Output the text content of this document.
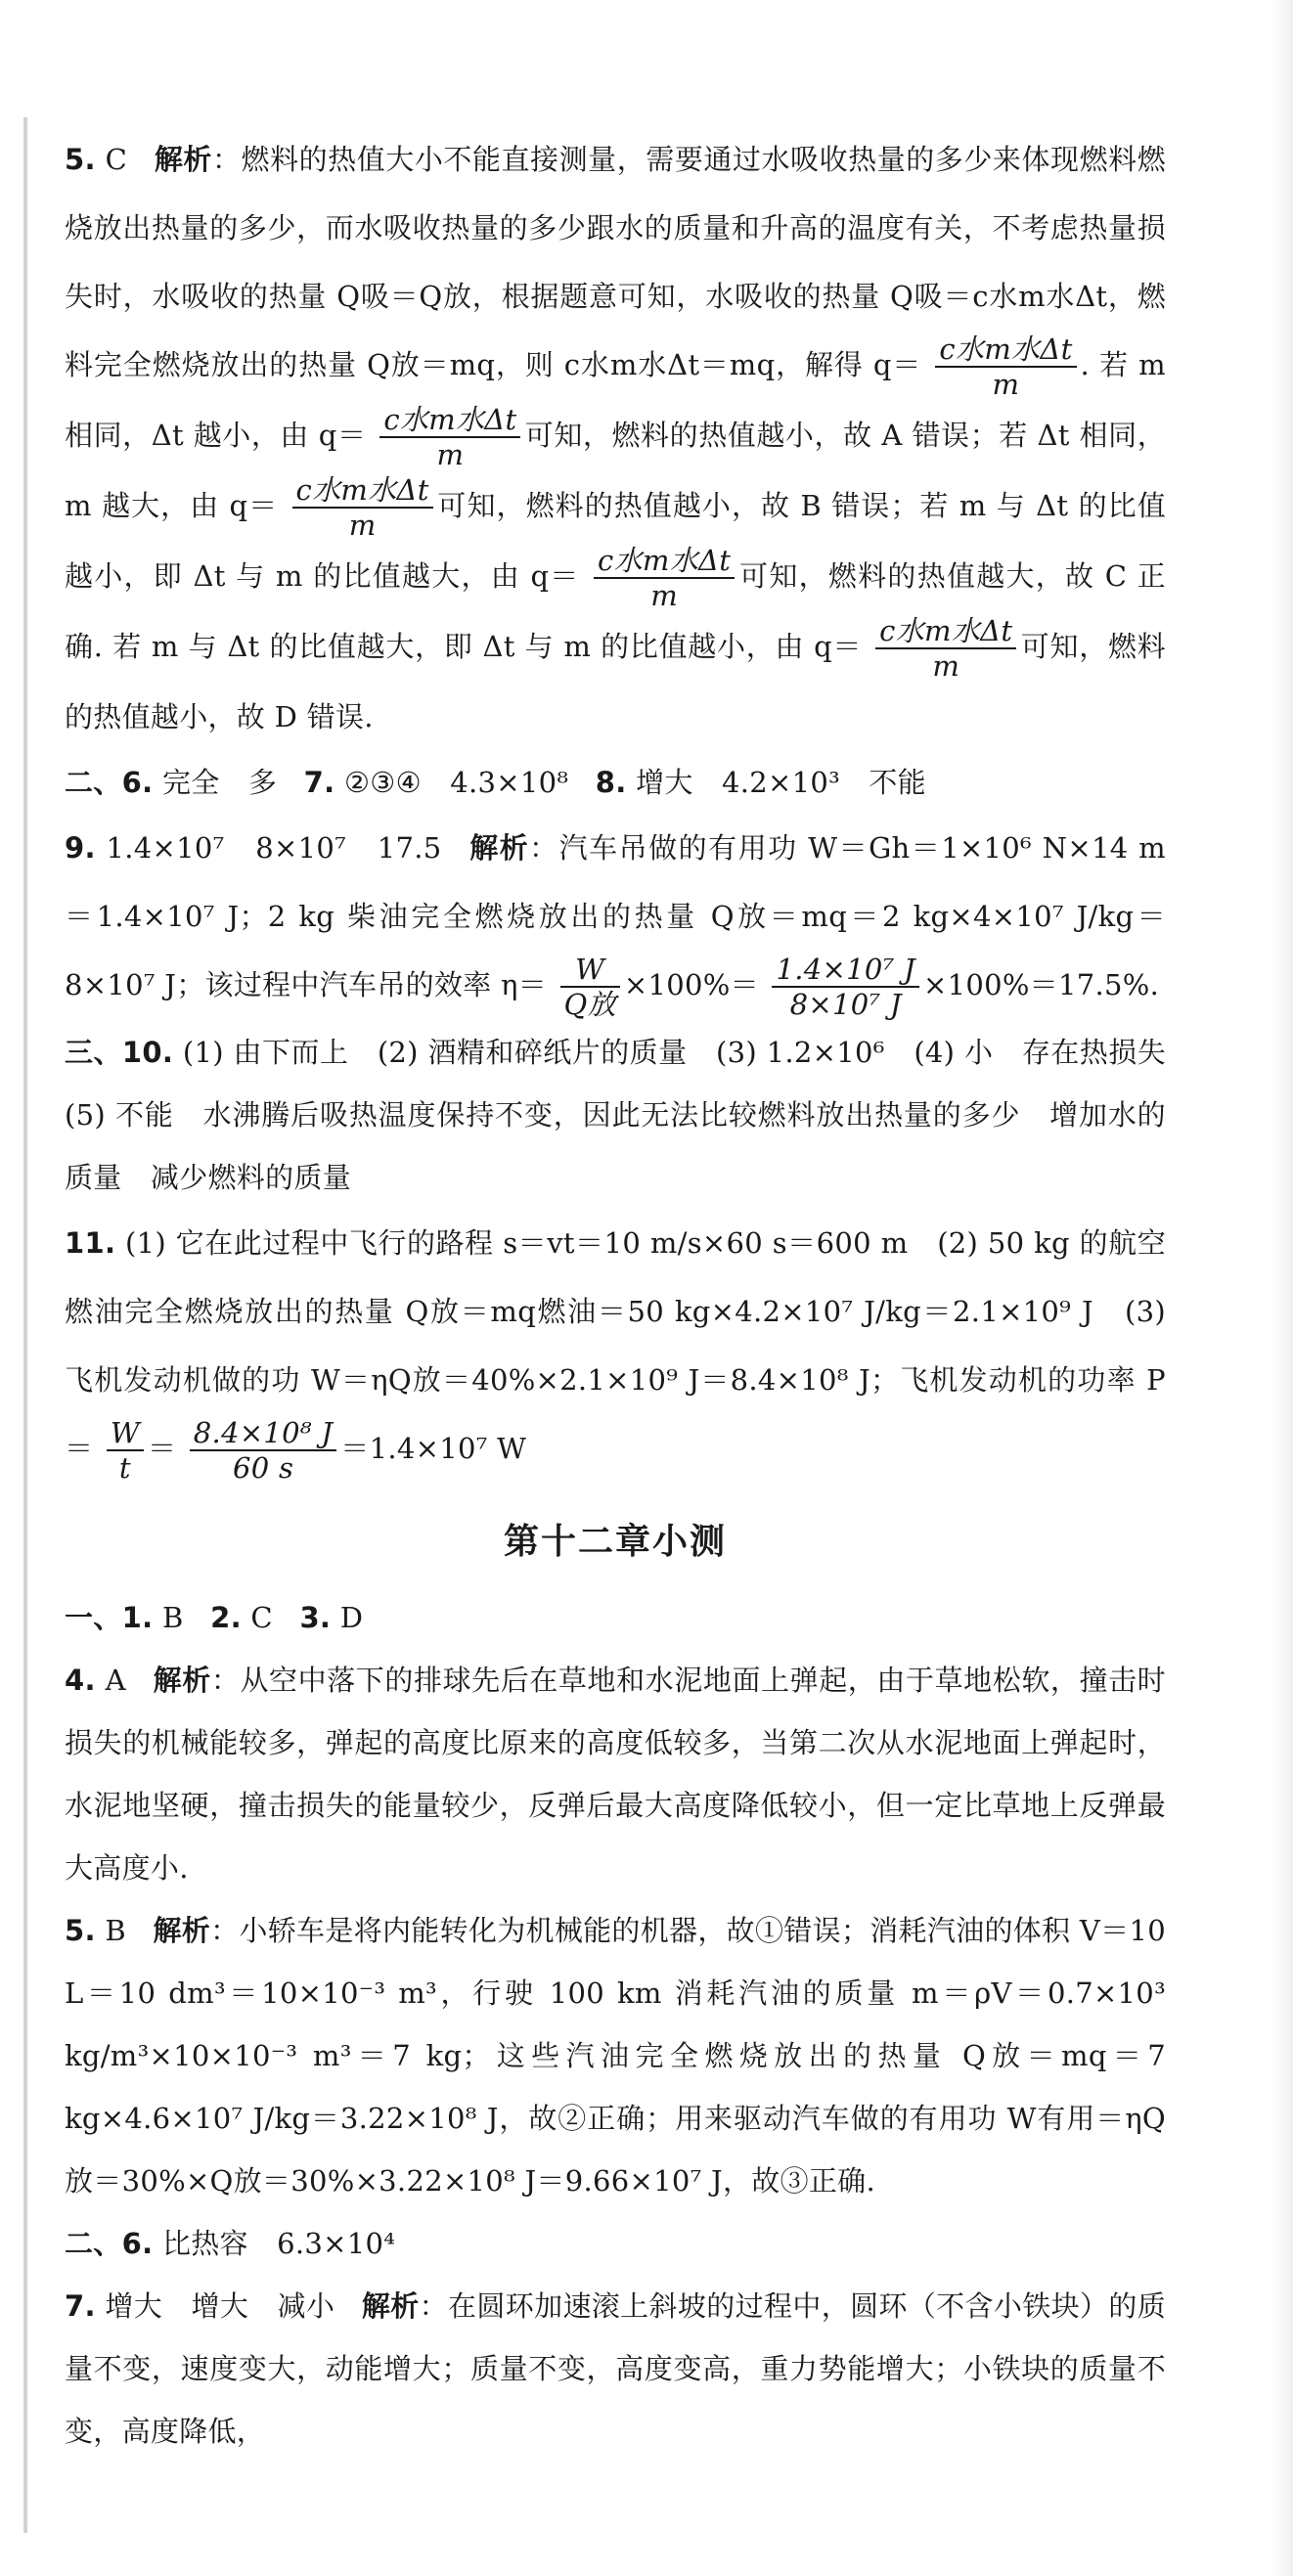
5. C 解析：燃料的热值大小不能直接测量，需要通过水吸收热量的多少来体现燃料燃烧放出热量的多少，而水吸收热量的多少跟水的质量和升高的温度有关，不考虑热量损失时，水吸收的热量 Q吸＝Q放，根据题意可知，水吸收的热量 Q吸＝c水m水Δt，燃料完全燃烧放出的热量 Q放＝mq，则 c水m水Δt＝mq，解得 $q= \frac{\text{c水m水Δt}}{m}$ . 若 m 相同，Δt 越小，由 $q= \frac{\text{c水m水Δt}}{m}$ 可知，燃料的热值越小，故 A 错误；若 Δt 相同，m 越大，由 $q= \frac{\text{c水m水Δt}}{m}$ 可知，燃料的热值越小，故 B 错误；若 m 与 Δt 的比值越小，即 Δt 与 m 的比值越大，由 $q= \frac{\text{c水m水Δt}}{m}$ 可知，燃料的热值越大，故 C 正确. 若 m 与 Δt 的比值越大，即 Δt 与 m 的比值越小，由 $q= \frac{\text{c水m水Δt}}{m}$ 可知，燃料的热值越小，故 D 错误.

二、6. 完全　多 7. ②③④　4.3×10⁸ 8. 增大　4.2×10³　不能

9. 1.4×10⁷　8×10⁷　17.5 解析：汽车吊做的有用功 W＝Gh＝1×10⁶ N×14 m＝1.4×10⁷ J；2 kg 柴油完全燃烧放出的热量 Q放＝mq＝2 kg×4×10⁷ J/kg＝8×10⁷ J；该过程中汽车吊的效率 $\eta= \frac{W}{\text{Q放}} \times 100\%= \frac{\text{1.4×10⁷ J}}{\text{8×10⁷ J}} \times 100\%=17.5\%$.

三、10. (1) 由下而上　(2) 酒精和碎纸片的质量　(3) 1.2×10⁶　(4) 小　存在热损失　(5) 不能　水沸腾后吸热温度保持不变，因此无法比较燃料放出热量的多少　增加水的质量　减少燃料的质量

11. (1) 它在此过程中飞行的路程 s＝vt＝10 m/s×60 s＝600 m　(2) 50 kg 的航空燃油完全燃烧放出的热量 Q放＝mq燃油＝50 kg×4.2×10⁷ J/kg＝2.1×10⁹ J　(3) 飞机发动机做的功 W＝ηQ放＝40%×2.1×10⁹ J＝8.4×10⁸ J；飞机发动机的功率 $P= \frac{W}{t} = \frac{\text{8.4×10⁸ J}}{60 s} =1.4\times 10^7$ W

第十二章小测

一、1. B 2. C 3. D

4. A 解析：从空中落下的排球先后在草地和水泥地面上弹起，由于草地松软，撞击时损失的机械能较多，弹起的高度比原来的高度低较多，当第二次从水泥地面上弹起时，水泥地坚硬，撞击损失的能量较少，反弹后最大高度降低较小，但一定比草地上反弹最大高度小.

5. B 解析：小轿车是将内能转化为机械能的机器，故①错误；消耗汽油的体积 V＝10 L＝10 dm³＝10×10⁻³ m³，行驶 100 km 消耗汽油的质量 m＝ρV＝0.7×10³ kg/m³×10×10⁻³ m³＝7 kg；这些汽油完全燃烧放出的热量 Q放＝mq＝7 kg×4.6×10⁷ J/kg＝3.22×10⁸ J，故②正确；用来驱动汽车做的有用功 W有用＝ηQ放＝30%×Q放＝30%×3.22×10⁸ J＝9.66×10⁷ J，故③正确.

二、6. 比热容　6.3×10⁴

7. 增大　增大　减小 解析：在圆环加速滚上斜坡的过程中，圆环（不含小铁块）的质量不变，速度变大，动能增大；质量不变，高度变高，重力势能增大；小铁块的质量不变，高度降低，
